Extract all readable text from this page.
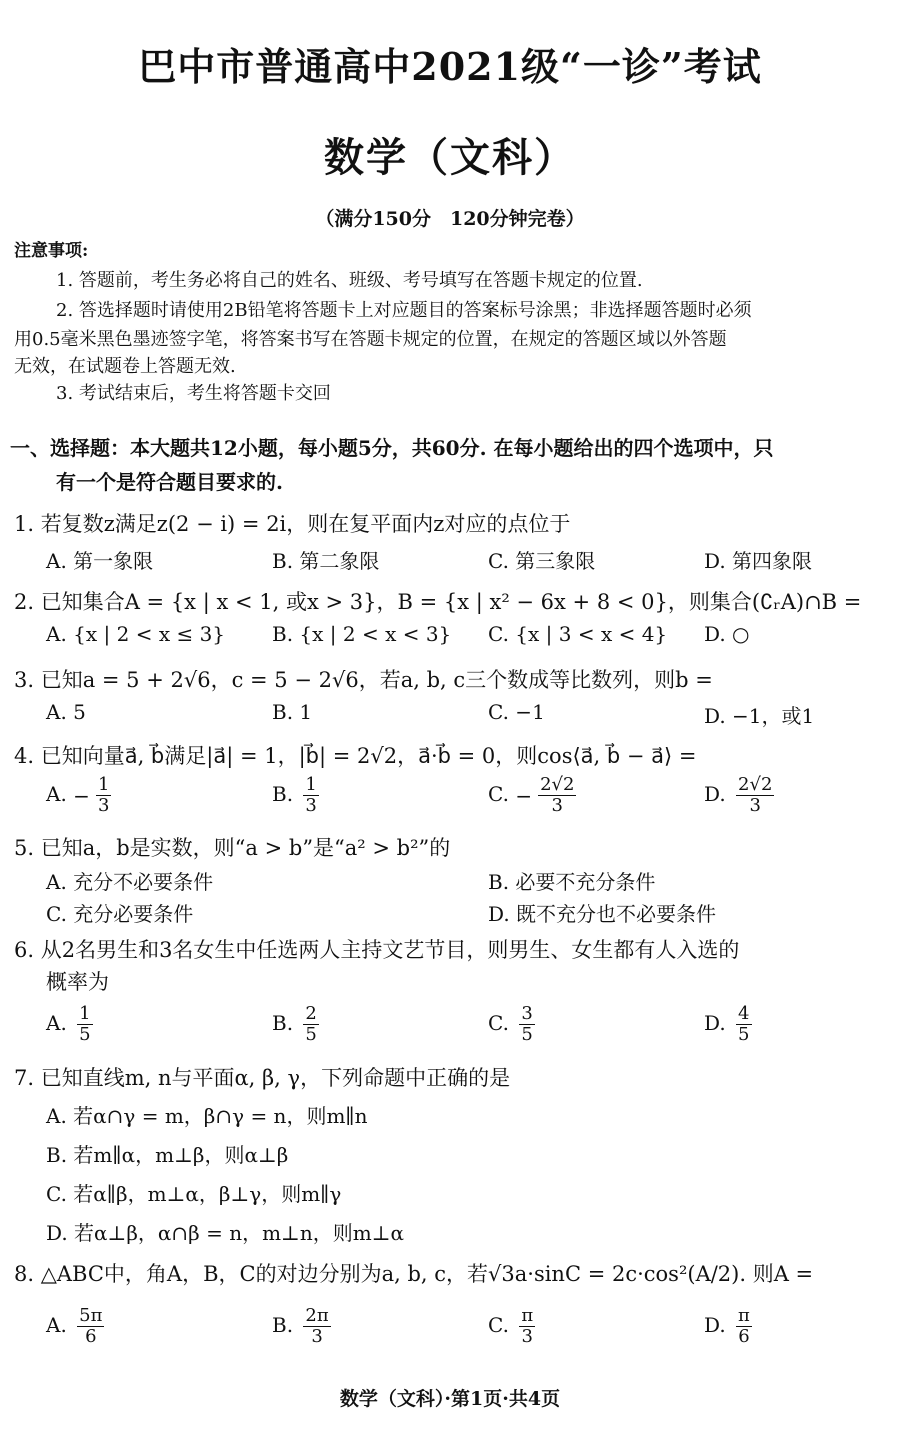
巴中市普通高中2021级“一诊”考试
数学（文科）
（满分150分　120分钟完卷）
注意事项:
1. 答题前，考生务必将自己的姓名、班级、考号填写在答题卡规定的位置.
2. 答选择题时请使用2B铅笔将答题卡上对应题目的答案标号涂黑；非选择题答题时必须
用0.5毫米黑色墨迹签字笔，将答案书写在答题卡规定的位置，在规定的答题区域以外答题
无效，在试题卷上答题无效.
3. 考试结束后，考生将答题卡交回
一、选择题：本大题共12小题，每小题5分，共60分. 在每小题给出的四个选项中，只
有一个是符合题目要求的.
1. 若复数z满足z(2 − i) = 2i，则在复平面内z对应的点位于
A. 第一象限	B. 第二象限	C. 第三象限	D. 第四象限
2. 已知集合A = {x | x < 1, 或x > 3}，B = {x | x² − 6x + 8 < 0}，则集合(∁ᵣA)∩B =
A. {x | 2 < x ≤ 3} B. {x | 2 < x < 3} C. {x | 3 < x < 4} D. ○
3. 已知a = 5 + 2√6，c = 5 − 2√6，若a, b, c三个数成等比数列，则b =
A. 5	B. 1	C. −1	D. −1，或1
4. 已知向量a⃗, b⃗满足|a⃗| = 1，|b⃗| = 2√2，a⃗·b⃗ = 0，则cos⟨a⃗, b⃗ − a⃗⟩ =
A. − $\frac{1}{3}$	B. $\frac{1}{3}$	C. − $\frac{2√2}{3}$	D. $\frac{2√2}{3}$
5. 已知a，b是实数，则“a > b”是“a² > b²”的
A. 充分不必要条件	B. 必要不充分条件
C. 充分必要条件	D. 既不充分也不必要条件
6. 从2名男生和3名女生中任选两人主持文艺节目，则男生、女生都有人入选的
概率为
A. $\frac{1}{5}$	B. $\frac{2}{5}$	C. $\frac{3}{5}$	D. $\frac{4}{5}$
7. 已知直线m, n与平面α, β, γ，下列命题中正确的是
A. 若α∩γ = m，β∩γ = n，则m∥n
B. 若m∥α，m⊥β，则α⊥β
C. 若α∥β，m⊥α，β⊥γ，则m∥γ
D. 若α⊥β，α∩β = n，m⊥n，则m⊥α
8. △ABC中，角A，B，C的对边分别为a, b, c，若√3a·sinC = 2c·cos²(A/2). 则A =
A. $\frac{5\pi}{6}$	B. $\frac{2\pi}{3}$	C. $\frac{\pi}{3}$	D. $\frac{\pi}{6}$
数学（文科）·第1页·共4页
